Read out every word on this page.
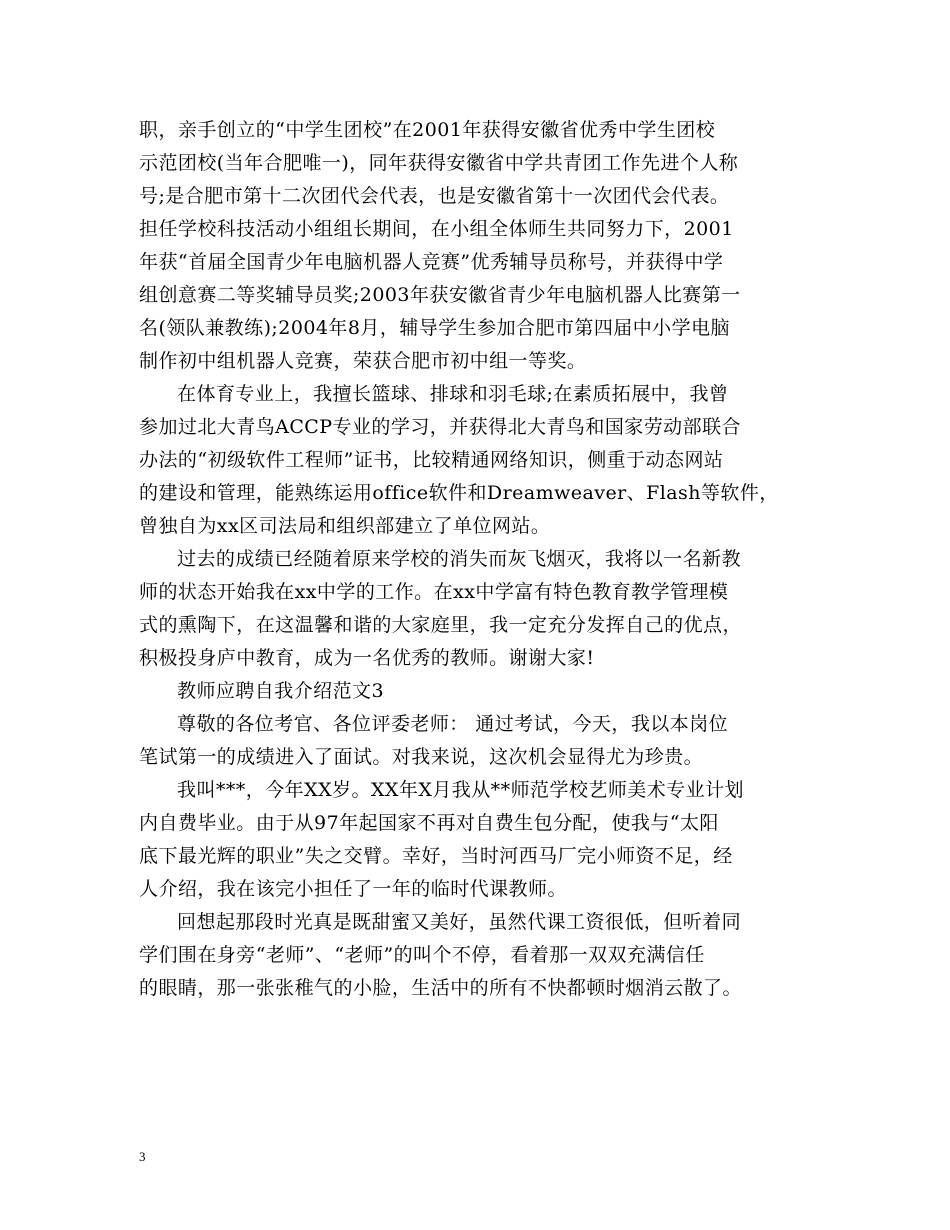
职，亲手创立的“中学生团校”在2001年获得安徽省优秀中学生团校
示范团校(当年合肥唯一)，同年获得安徽省中学共青团工作先进个人称
号;是合肥市第十二次团代会代表，也是安徽省第十一次团代会代表。
担任学校科技活动小组组长期间，在小组全体师生共同努力下，2001
年获“首届全国青少年电脑机器人竞赛”优秀辅导员称号，并获得中学
组创意赛二等奖辅导员奖;2003年获安徽省青少年电脑机器人比赛第一
名(领队兼教练);2004年8月，辅导学生参加合肥市第四届中小学电脑
制作初中组机器人竞赛，荣获合肥市初中组一等奖。
在体育专业上，我擅长篮球、排球和羽毛球;在素质拓展中，我曾
参加过北大青鸟ACCP专业的学习，并获得北大青鸟和国家劳动部联合
办法的“初级软件工程师”证书，比较精通网络知识，侧重于动态网站
的建设和管理，能熟练运用office软件和Dreamweaver、Flash等软件，
曾独自为xx区司法局和组织部建立了单位网站。
过去的成绩已经随着原来学校的消失而灰飞烟灭，我将以一名新教
师的状态开始我在xx中学的工作。在xx中学富有特色教育教学管理模
式的熏陶下，在这温馨和谐的大家庭里，我一定充分发挥自己的优点，
积极投身庐中教育，成为一名优秀的教师。谢谢大家!
教师应聘自我介绍范文3
尊敬的各位考官、各位评委老师： 通过考试，今天，我以本岗位
笔试第一的成绩进入了面试。对我来说，这次机会显得尤为珍贵。
我叫***，今年XX岁。XX年X月我从**师范学校艺师美术专业计划
内自费毕业。由于从97年起国家不再对自费生包分配，使我与“太阳
底下最光辉的职业”失之交臂。幸好，当时河西马厂完小师资不足，经
人介绍，我在该完小担任了一年的临时代课教师。
回想起那段时光真是既甜蜜又美好，虽然代课工资很低，但听着同
学们围在身旁“老师”、“老师”的叫个不停，看着那一双双充满信任
的眼睛，那一张张稚气的小脸，生活中的所有不快都顿时烟消云散了。
3
